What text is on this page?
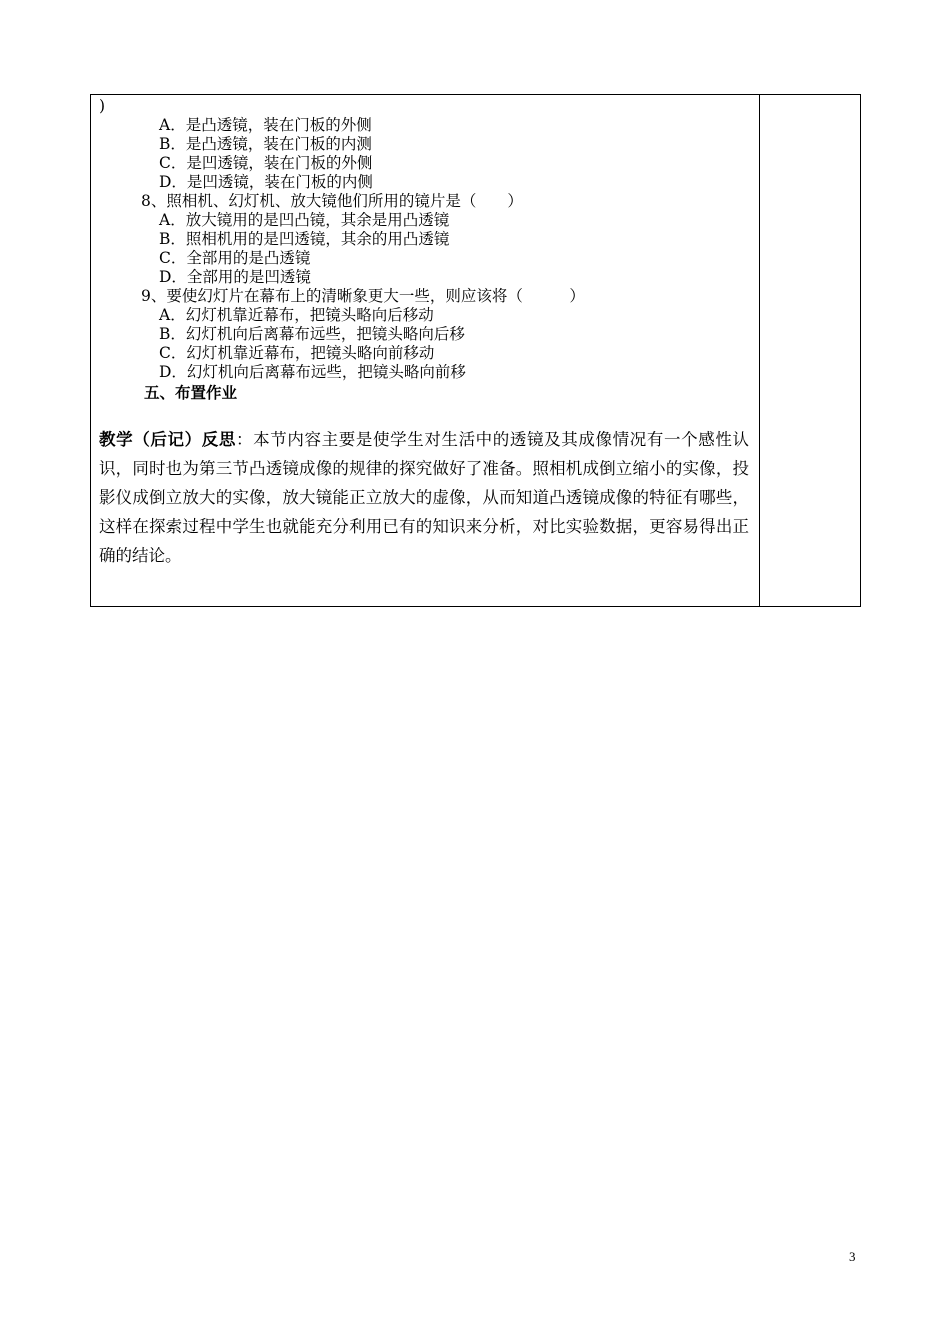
)
A．是凸透镜，装在门板的外侧
B．是凸透镜，装在门板的内测
C．是凹透镜，装在门板的外侧
D．是凹透镜，装在门板的内侧
8、照相机、幻灯机、放大镜他们所用的镜片是（　　）
A．放大镜用的是凹凸镜，其余是用凸透镜
B．照相机用的是凹透镜，其余的用凸透镜
C．全部用的是凸透镜
D．全部用的是凹透镜
9、要使幻灯片在幕布上的清晰象更大一些，则应该将（　　　）
A．幻灯机靠近幕布，把镜头略向后移动
B．幻灯机向后离幕布远些，把镜头略向后移
C．幻灯机靠近幕布，把镜头略向前移动
D．幻灯机向后离幕布远些，把镜头略向前移
五、布置作业
教学（后记）反思：本节内容主要是使学生对生活中的透镜及其成像情况有一个感性认识，同时也为第三节凸透镜成像的规律的探究做好了准备。照相机成倒立缩小的实像，投影仪成倒立放大的实像，放大镜能正立放大的虚像，从而知道凸透镜成像的特征有哪些，这样在探索过程中学生也就能充分利用已有的知识来分析，对比实验数据，更容易得出正确的结论。
3
